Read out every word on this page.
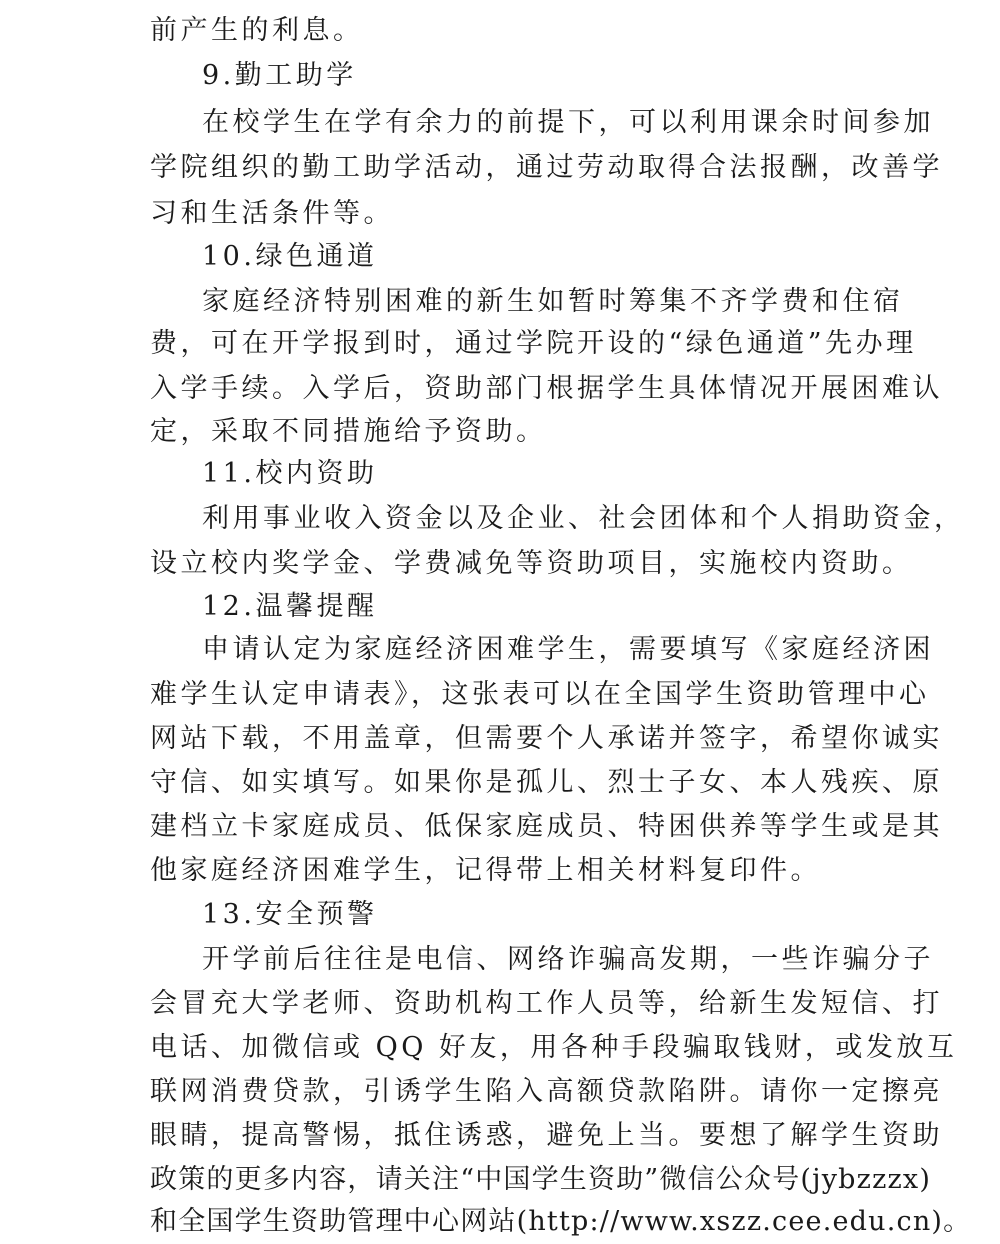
前产生的利息。
9.勤工助学
在校学生在学有余力的前提下，可以利用课余时间参加
学院组织的勤工助学活动，通过劳动取得合法报酬，改善学
习和生活条件等。
10.绿色通道
家庭经济特别困难的新生如暂时筹集不齐学费和住宿
费，可在开学报到时，通过学院开设的“绿色通道”先办理
入学手续。入学后，资助部门根据学生具体情况开展困难认
定，采取不同措施给予资助。
11.校内资助
利用事业收入资金以及企业、社会团体和个人捐助资金，
设立校内奖学金、学费减免等资助项目，实施校内资助。
12.温馨提醒
申请认定为家庭经济困难学生，需要填写《家庭经济困
难学生认定申请表》，这张表可以在全国学生资助管理中心
网站下载，不用盖章，但需要个人承诺并签字，希望你诚实
守信、如实填写。如果你是孤儿、烈士子女、本人残疾、原
建档立卡家庭成员、低保家庭成员、特困供养等学生或是其
他家庭经济困难学生，记得带上相关材料复印件。
13.安全预警
开学前后往往是电信、网络诈骗高发期，一些诈骗分子
会冒充大学老师、资助机构工作人员等，给新生发短信、打
电话、加微信或 QQ 好友，用各种手段骗取钱财，或发放互
联网消费贷款，引诱学生陷入高额贷款陷阱。请你一定擦亮
眼睛，提高警惕，抵住诱惑，避免上当。要想了解学生资助
政策的更多内容，请关注“中国学生资助”微信公众号(jybzzzx)
和全国学生资助管理中心网站(http://www.xszz.cee.edu.cn)。
